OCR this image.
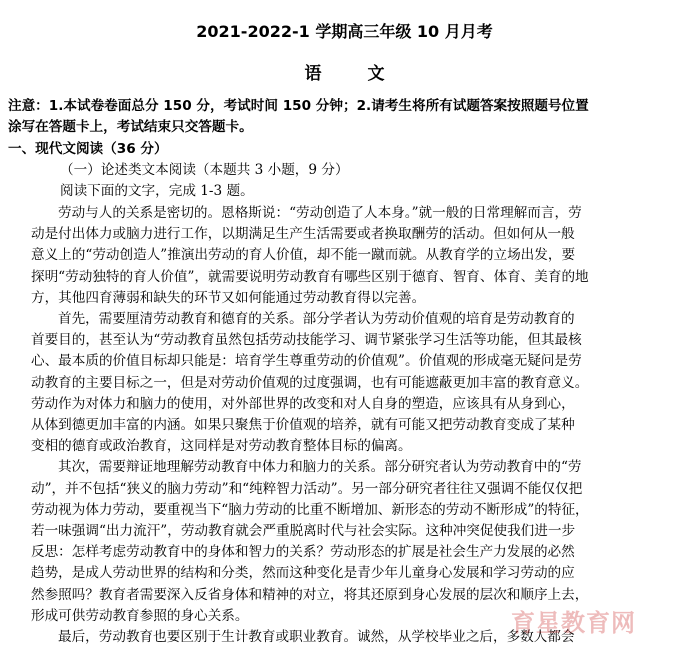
2021-2022-1 学期高三年级 10 月月考
语 文
注意：1.本试卷卷面总分 150 分，考试时间 150 分钟；2.请考生将所有试题答案按照题号位置
涂写在答题卡上，考试结束只交答题卡。
一、现代文阅读（36 分）
（一）论述类文本阅读（本题共 3 小题，9 分）
阅读下面的文字，完成 1-3 题。
劳动与人的关系是密切的。恩格斯说：“劳动创造了人本身。”就一般的日常理解而言，劳
动是付出体力或脑力进行工作，以期满足生产生活需要或者换取酬劳的活动。但如何从一般
意义上的“劳动创造人”推演出劳动的育人价值，却不能一蹴而就。从教育学的立场出发，要
探明“劳动独特的育人价值”，就需要说明劳动教育有哪些区别于德育、智育、体育、美育的地
方，其他四育薄弱和缺失的环节又如何能通过劳动教育得以完善。
首先，需要厘清劳动教育和德育的关系。部分学者认为劳动价值观的培育是劳动教育的
首要目的，甚至认为“劳动教育虽然包括劳动技能学习、调节紧张学习生活等功能，但其最核
心、最本质的价值目标却只能是：培育学生尊重劳动的价值观”。价值观的形成毫无疑问是劳
动教育的主要目标之一，但是对劳动价值观的过度强调，也有可能遮蔽更加丰富的教育意义。
劳动作为对体力和脑力的使用，对外部世界的改变和对人自身的塑造，应该具有从身到心，
从体到德更加丰富的内涵。如果只聚焦于价值观的培养，就有可能又把劳动教育变成了某种
变相的德育或政治教育，这同样是对劳动教育整体目标的偏离。
其次，需要辩证地理解劳动教育中体力和脑力的关系。部分研究者认为劳动教育中的“劳
动”，并不包括“狭义的脑力劳动”和“纯粹智力活动”。另一部分研究者往往又强调不能仅仅把
劳动视为体力劳动，要重视当下“脑力劳动的比重不断增加、新形态的劳动不断形成”的特征，
若一味强调“出力流汗”，劳动教育就会严重脱离时代与社会实际。这种冲突促使我们进一步
反思：怎样考虑劳动教育中的身体和智力的关系？劳动形态的扩展是社会生产力发展的必然
趋势，是成人劳动世界的结构和分类，然而这种变化是青少年儿童身心发展和学习劳动的应
然参照吗？教育者需要深入反省身体和精神的对立，将其还原到身心发展的层次和顺序上去，
形成可供劳动教育参照的身心关系。
最后，劳动教育也要区别于生计教育或职业教育。诚然，从学校毕业之后，多数人都会
育星教育网
